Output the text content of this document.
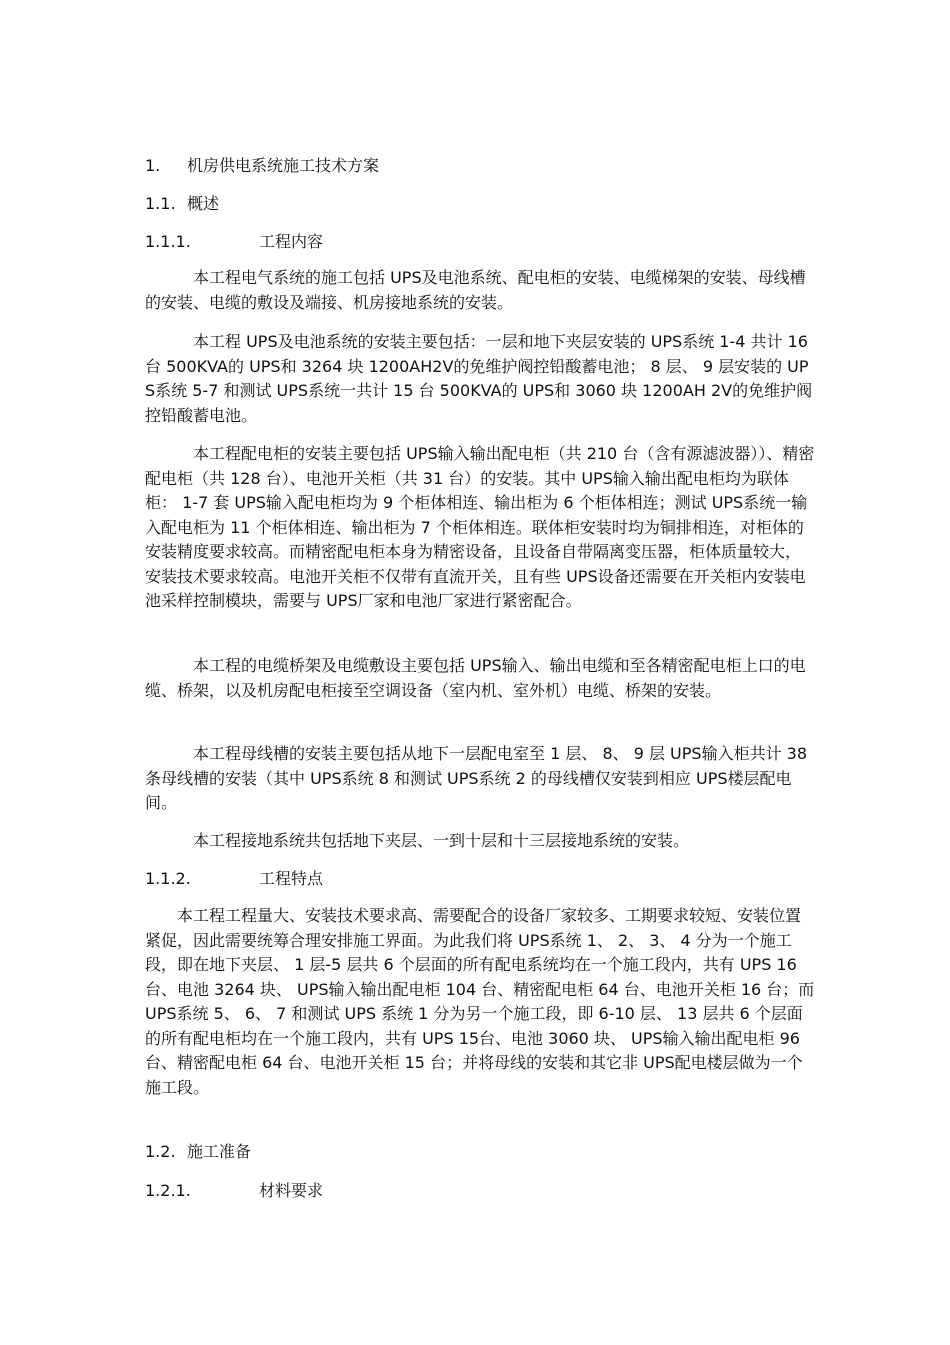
1. 机房供电系统施工技术方案
1.1. 概述
1.1.1.	工程内容
本工程电气系统的施工包括 UPS及电池系统、配电柜的安装、电缆梯架的安装、母线槽的安装、电缆的敷设及端接、机房接地系统的安装。
本工程 UPS及电池系统的安装主要包括：一层和地下夹层安装的 UPS系统 1-4 共计 16 台 500KVA的 UPS和 3264 块 1200AH2V的免维护阀控铅酸蓄电池； 8 层、 9 层安装的 UPS系统 5-7 和测试 UPS系统一共计 15 台 500KVA的 UPS和 3060 块 1200AH 2V的免维护阀控铅酸蓄电池。
本工程配电柜的安装主要包括 UPS输入输出配电柜（共 210 台（含有源滤波器））、精密配电柜（共 128 台）、电池开关柜（共 31 台）的安装。其中 UPS输入输出配电柜均为联体柜： 1-7 套 UPS输入配电柜均为 9 个柜体相连、输出柜为 6 个柜体相连；测试 UPS系统一输入配电柜为 11 个柜体相连、输出柜为 7 个柜体相连。联体柜安装时均为铜排相连，对柜体的安装精度要求较高。而精密配电柜本身为精密设备，且设备自带隔离变压器，柜体质量较大，安装技术要求较高。电池开关柜不仅带有直流开关，且有些 UPS设备还需要在开关柜内安装电池采样控制模块，需要与 UPS厂家和电池厂家进行紧密配合。
本工程的电缆桥架及电缆敷设主要包括 UPS输入、输出电缆和至各精密配电柜上口的电缆、桥架，以及机房配电柜接至空调设备（室内机、室外机）电缆、桥架的安装。
本工程母线槽的安装主要包括从地下一层配电室至 1 层、 8、 9 层 UPS输入柜共计 38 条母线槽的安装（其中 UPS系统 8 和测试 UPS系统 2 的母线槽仅安装到相应 UPS楼层配电间。
本工程接地系统共包括地下夹层、一到十层和十三层接地系统的安装。
1.1.2.	工程特点
本工程工程量大、安装技术要求高、需要配合的设备厂家较多、工期要求较短、安装位置紧促，因此需要统筹合理安排施工界面。为此我们将 UPS系统 1、 2、 3、 4 分为一个施工段，即在地下夹层、 1 层-5 层共 6 个层面的所有配电系统均在一个施工段内，共有 UPS 16台、电池 3264 块、 UPS输入输出配电柜 104 台、精密配电柜 64 台、电池开关柜 16 台；而 UPS系统 5、 6、 7 和测试 UPS 系统 1 分为另一个施工段，即 6-10 层、 13 层共 6 个层面的所有配电柜均在一个施工段内，共有 UPS 15台、电池 3060 块、 UPS输入输出配电柜 96 台、精密配电柜 64 台、电池开关柜 15 台；并将母线的安装和其它非 UPS配电楼层做为一个施工段。
1.2. 施工准备
1.2.1.	材料要求
